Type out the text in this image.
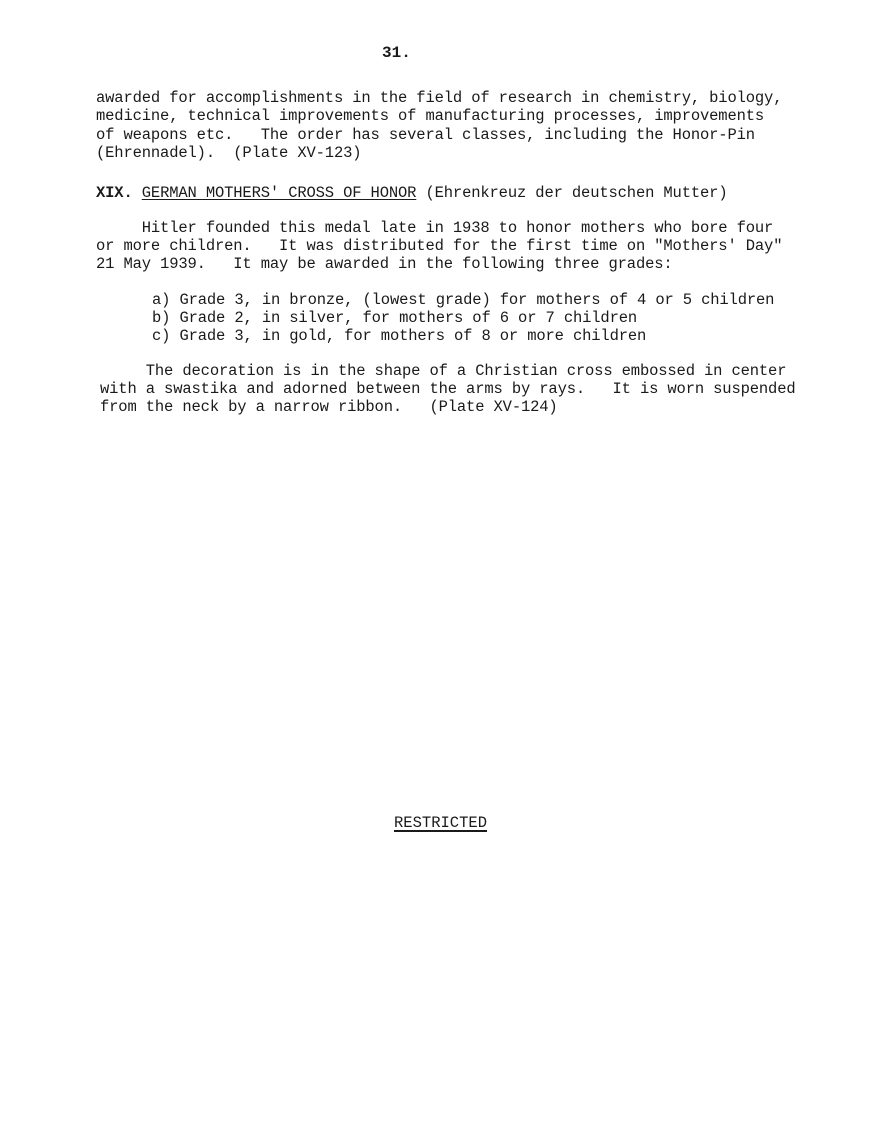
31.
awarded for accomplishments in the field of research in chemistry, biology,
medicine, technical improvements of manufacturing processes, improvements
of weapons etc.   The order has several classes, including the Honor-Pin
(Ehrennadel).  (Plate XV-123)
XIX. GERMAN MOTHERS' CROSS OF HONOR (Ehrenkreuz der deutschen Mutter)
Hitler founded this medal late in 1938 to honor mothers who bore four
or more children.   It was distributed for the first time on "Mothers' Day"
21 May 1939.   It may be awarded in the following three grades:
a) Grade 3, in bronze, (lowest grade) for mothers of 4 or 5 children
b) Grade 2, in silver, for mothers of 6 or 7 children
c) Grade 3, in gold, for mothers of 8 or more children
The decoration is in the shape of a Christian cross embossed in center
with a swastika and adorned between the arms by rays.   It is worn suspended
from the neck by a narrow ribbon.   (Plate XV-124)
RESTRICTED
